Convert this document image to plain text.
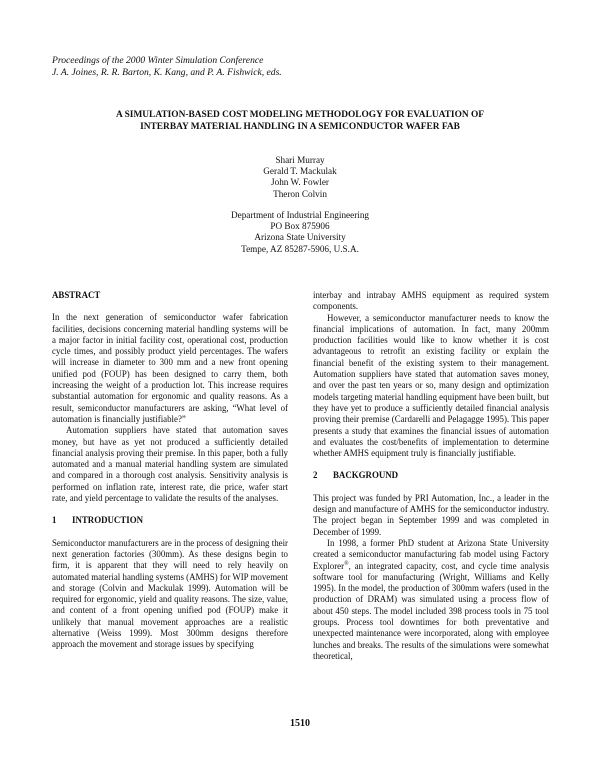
Proceedings of the 2000 Winter Simulation Conference
J. A. Joines, R. R. Barton, K. Kang, and P. A. Fishwick, eds.
A SIMULATION-BASED COST MODELING METHODOLOGY FOR EVALUATION OF
INTERBAY MATERIAL HANDLING IN A SEMICONDUCTOR WAFER FAB
Shari Murray
Gerald T. Mackulak
John W. Fowler
Theron Colvin
Department of Industrial Engineering
PO Box 875906
Arizona State University
Tempe, AZ 85287-5906, U.S.A.
ABSTRACT

In the next generation of semiconductor wafer fabrication facilities, decisions concerning material handling systems will be a major factor in initial facility cost, operational cost, production cycle times, and possibly product yield percentages. The wafers will increase in diameter to 300 mm and a new front opening unified pod (FOUP) has been designed to carry them, both increasing the weight of a production lot. This increase requires substantial automation for ergonomic and quality reasons. As a result, semiconductor manufacturers are asking, “What level of automation is financially justifiable?”

Automation suppliers have stated that automation saves money, but have as yet not produced a sufficiently detailed financial analysis proving their premise. In this paper, both a fully automated and a manual material handling system are simulated and compared in a thorough cost analysis. Sensitivity analysis is performed on inflation rate, interest rate, die price, wafer start rate, and yield percentage to validate the results of the analyses.

1 INTRODUCTION

Semiconductor manufacturers are in the process of designing their next generation factories (300mm). As these designs begin to firm, it is apparent that they will need to rely heavily on automated material handling systems (AMHS) for WIP movement and storage (Colvin and Mackulak 1999). Automation will be required for ergonomic, yield and quality reasons. The size, value, and content of a front opening unified pod (FOUP) make it unlikely that manual movement approaches are a realistic alternative (Weiss 1999). Most 300mm designs therefore approach the movement and storage issues by specifying

interbay and intrabay AMHS equipment as required system components.

However, a semiconductor manufacturer needs to know the financial implications of automation. In fact, many 200mm production facilities would like to know whether it is cost advantageous to retrofit an existing facility or explain the financial benefit of the existing system to their management. Automation suppliers have stated that automation saves money, and over the past ten years or so, many design and optimization models targeting material handling equipment have been built, but they have yet to produce a sufficiently detailed financial analysis proving their premise (Cardarelli and Pelagagge 1995). This paper presents a study that examines the financial issues of automation and evaluates the cost/benefits of implementation to determine whether AMHS equipment truly is financially justifiable.

2 BACKGROUND

This project was funded by PRI Automation, Inc., a leader in the design and manufacture of AMHS for the semiconductor industry. The project began in September 1999 and was completed in December of 1999.

In 1998, a former PhD student at Arizona State University created a semiconductor manufacturing fab model using Factory Explorer®, an integrated capacity, cost, and cycle time analysis software tool for manufacturing (Wright, Williams and Kelly 1995). In the model, the production of 300mm wafers (used in the production of DRAM) was simulated using a process flow of about 450 steps. The model included 398 process tools in 75 tool groups. Process tool downtimes for both preventative and unexpected maintenance were incorporated, along with employee lunches and breaks. The results of the simulations were somewhat theoretical,

1510
